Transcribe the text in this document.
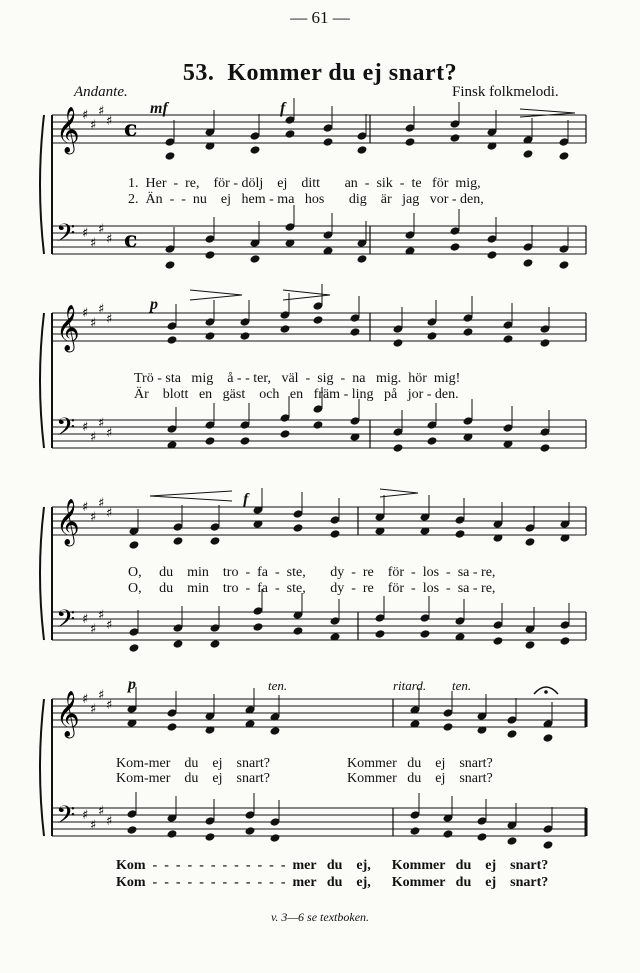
— 61 —
53. Kommer du ej snart?
Andante.	Finsk folkmelodi.
𝄞 ♯
♯
♯
♯ c
𝄢 ♯
♯
♯
♯ c
𝄞 ♯
♯
♯
♯
𝄢 ♯
♯
♯
♯
𝄞 ♯
♯
♯
♯
𝄢 ♯
♯
♯
♯
𝄞 ♯
♯
♯
♯
𝄢 ♯
♯
♯
♯
mf	f
1.  Her  -  re,    för - dölj    ej    ditt       an  -  sik  -  te   för  mig,
2.  Än  -  -  nu    ej   hem - ma   hos       dig    är   jag   vor - den,
p
Trö - sta   mig    å - - ter,   väl  -  sig  -  na   mig.  hör  mig!
Är    blott   en   gäst    och   en   främ - ling   på   jor - den.
f
O,     du    min    tro  -  fa  -  ste,       dy  -  re    för  -  los  -  sa - re,
O,     du    min    tro  -  fa  -  ste,       dy  -  re    för  -  los  -  sa - re,
p	ten.	ritard. ten.
Kom-mer    du    ej    snart?                      Kommer   du    ej    snart?
Kom-mer    du    ej    snart?                      Kommer   du    ej    snart?
Kom  -  -  -  -  -  -  -  -  -  -  -  -  mer   du    ej,      Kommer   du    ej    snart?
Kom  -  -  -  -  -  -  -  -  -  -  -  -  mer   du    ej,      Kommer   du    ej    snart?
v. 3—6 se textboken.
